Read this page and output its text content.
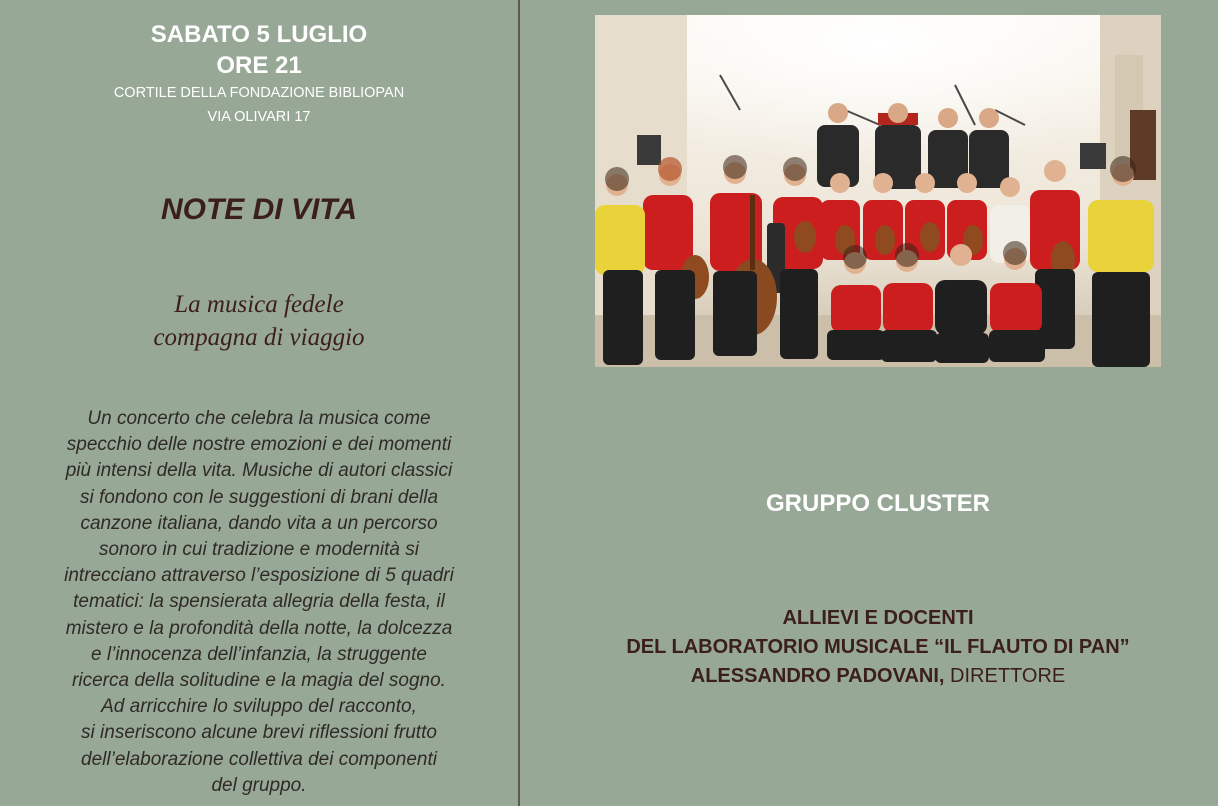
SABATO 5 LUGLIO
ORE 21
CORTILE DELLA FONDAZIONE BIBLIOPAN
VIA OLIVARI 17
NOTE DI VITA
La musica fedele
compagna di viaggio
Un concerto che celebra la musica come
specchio delle nostre emozioni e dei momenti
più intensi della vita. Musiche di autori classici
si fondono con le suggestioni di brani della
canzone italiana, dando vita a un percorso
sonoro in cui tradizione e modernità si
intrecciano attraverso l’esposizione di 5 quadri
tematici: la spensierata allegria della festa, il
mistero e la profondità della notte, la dolcezza
e l’innocenza dell’infanzia, la struggente
ricerca della solitudine e la magia del sogno.
Ad arricchire lo sviluppo del racconto,
si inseriscono alcune brevi riflessioni frutto
dell’elaborazione collettiva dei componenti
del gruppo.
GRUPPO CLUSTER
ALLIEVI E DOCENTI
DEL LABORATORIO MUSICALE “IL FLAUTO DI PAN”
ALESSANDRO PADOVANI, DIRETTORE
